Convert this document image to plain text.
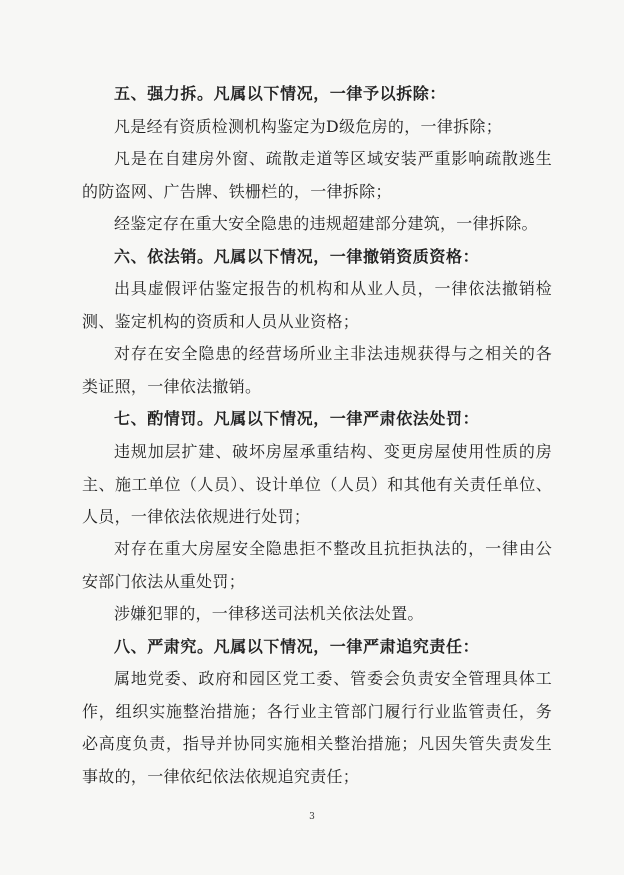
五、强力拆。凡属以下情况，一律予以拆除：

凡是经有资质检测机构鉴定为D级危房的，一律拆除；

凡是在自建房外窗、疏散走道等区域安装严重影响疏散逃生的防盗网、广告牌、铁栅栏的，一律拆除；

经鉴定存在重大安全隐患的违规超建部分建筑，一律拆除。

六、依法销。凡属以下情况，一律撤销资质资格：

出具虚假评估鉴定报告的机构和从业人员，一律依法撤销检测、鉴定机构的资质和人员从业资格；

对存在安全隐患的经营场所业主非法违规获得与之相关的各类证照，一律依法撤销。

七、酌情罚。凡属以下情况，一律严肃依法处罚：

违规加层扩建、破坏房屋承重结构、变更房屋使用性质的房主、施工单位（人员）、设计单位（人员）和其他有关责任单位、人员，一律依法依规进行处罚；

对存在重大房屋安全隐患拒不整改且抗拒执法的，一律由公安部门依法从重处罚；

涉嫌犯罪的，一律移送司法机关依法处置。

八、严肃究。凡属以下情况，一律严肃追究责任：

属地党委、政府和园区党工委、管委会负责安全管理具体工作，组织实施整治措施；各行业主管部门履行行业监管责任，务必高度负责，指导并协同实施相关整治措施；凡因失管失责发生事故的，一律依纪依法依规追究责任；

3
